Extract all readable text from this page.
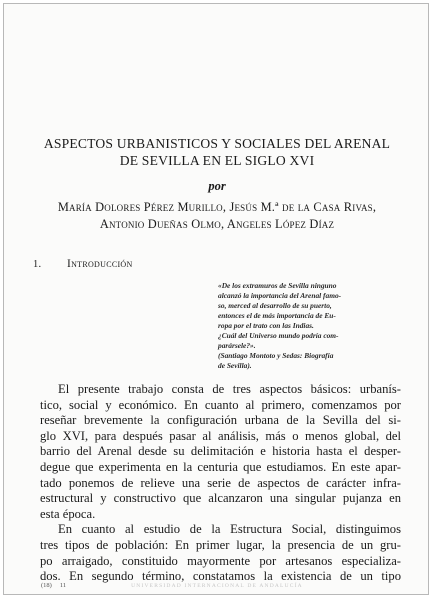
ASPECTOS URBANISTICOS Y SOCIALES DEL ARENAL
DE SEVILLA EN EL SIGLO XVI
por
María Dolores Pérez Murillo, Jesús M.ª de la Casa Rivas,
Antonio Dueñas Olmo, Angeles López Díaz
1. Introducción
«De los extramuros de Sevilla ninguno
alcanzó la importancia del Arenal famo-
so, merced al desarrollo de su puerto,
entonces el de más importancia de Eu-
ropa por el trato con las Indias.
¿Cuál del Universo mundo podría com-
parársele?».
(Santiago Montoto y Sedas: Biografía
de Sevilla).
El presente trabajo consta de tres aspectos básicos: urbanís-
tico, social y económico. En cuanto al primero, comenzamos por
reseñar brevemente la configuración urbana de la Sevilla del si-
glo XVI, para después pasar al análisis, más o menos global, del
barrio del Arenal desde su delimitación e historia hasta el desper-
degue que experimenta en la centuria que estudiamos. En este apar-
tado ponemos de relieve una serie de aspectos de carácter infra-
estructural y constructivo que alcanzaron una singular pujanza en
esta época.
En cuanto al estudio de la Estructura Social, distinguimos
tres tipos de población: En primer lugar, la presencia de un gru-
po arraigado, constituido mayormente por artesanos especializa-
dos. En segundo término, constatamos la existencia de un tipo
(18) 11	UNIVERSIDAD INTERNACIONAL DE ANDALUCÍA
